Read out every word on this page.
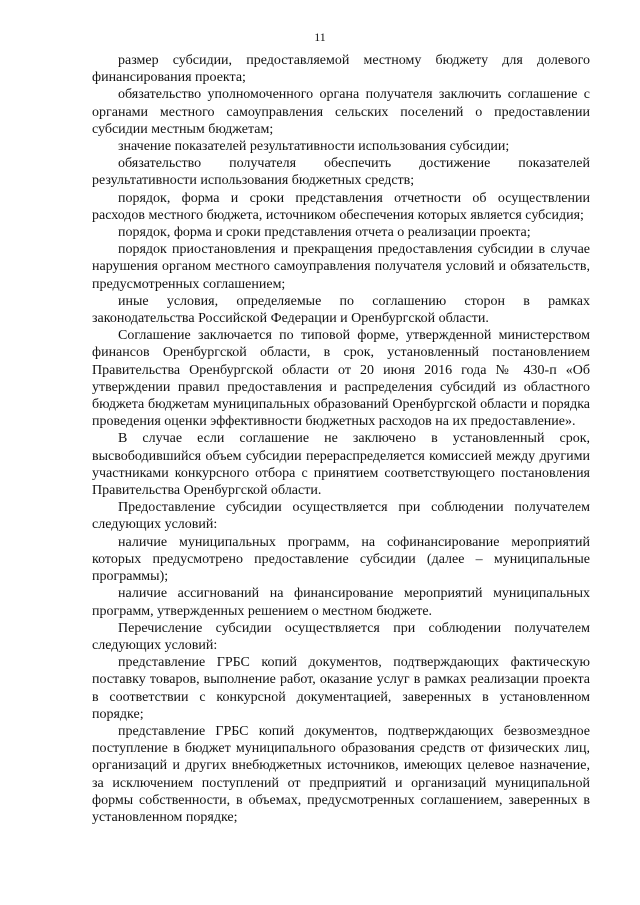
11

размер субсидии, предоставляемой местному бюджету для долевого финансирования проекта;

обязательство уполномоченного органа получателя заключить соглашение с органами местного самоуправления сельских поселений о предоставлении субсидии местным бюджетам;

значение показателей результативности использования субсидии;

обязательство получателя обеспечить достижение показателей результативности использования бюджетных средств;

порядок, форма и сроки представления отчетности об осуществлении расходов местного бюджета, источником обеспечения которых является субсидия;

порядок, форма и сроки представления отчета о реализации проекта;

порядок приостановления и прекращения предоставления субсидии в случае нарушения органом местного самоуправления получателя условий и обязательств, предусмотренных соглашением;

иные условия, определяемые по соглашению сторон в рамках законодательства Российской Федерации и Оренбургской области.

Соглашение заключается по типовой форме, утвержденной министерством финансов Оренбургской области, в срок, установленный постановлением Правительства Оренбургской области от 20 июня 2016 года № 430-п «Об утверждении правил предоставления и распределения субсидий из областного бюджета бюджетам муниципальных образований Оренбургской области и порядка проведения оценки эффективности бюджетных расходов на их предоставление».

В случае если соглашение не заключено в установленный срок, высвободившийся объем субсидии перераспределяется комиссией между другими участниками конкурсного отбора с принятием соответствующего постановления Правительства Оренбургской области.

Предоставление субсидии осуществляется при соблюдении получателем следующих условий:

наличие муниципальных программ, на софинансирование мероприятий которых предусмотрено предоставление субсидии (далее – муниципальные программы);

наличие ассигнований на финансирование мероприятий муниципальных программ, утвержденных решением о местном бюджете.

Перечисление субсидии осуществляется при соблюдении получателем следующих условий:

представление ГРБС копий документов, подтверждающих фактическую поставку товаров, выполнение работ, оказание услуг в рамках реализации проекта в соответствии с конкурсной документацией, заверенных в установленном порядке;

представление ГРБС копий документов, подтверждающих безвозмездное поступление в бюджет муниципального образования средств от физических лиц, организаций и других внебюджетных источников, имеющих целевое назначение, за исключением поступлений от предприятий и организаций муниципальной формы собственности, в объемах, предусмотренных соглашением, заверенных в установленном порядке;
